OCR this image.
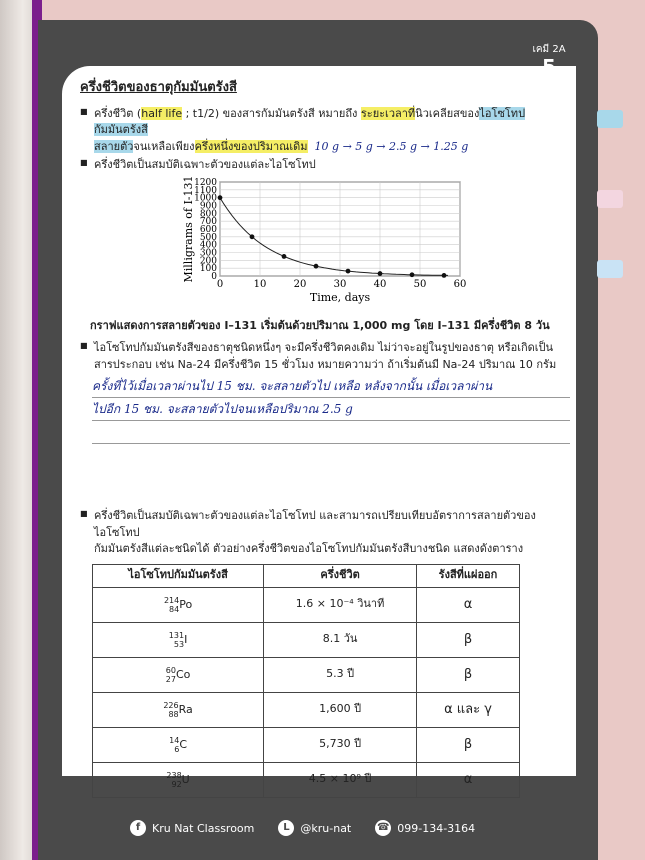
เคมี 2A
5
ครึ่งชีวิตของธาตุกัมมันตรังสี
■ ครึ่งชีวิต (half life ; t1/2) ของสารกัมมันตรังสี หมายถึง ระยะเวลาที่นิวเคลียสของไอโซโทปกัมมันตรังสี
สลายตัวจนเหลือเพียงครึ่งหนึ่งของปริมาณเดิม 10 g → 5 g → 2.5 g → 1.25 g
■ ครึ่งชีวิตเป็นสมบัติเฉพาะตัวของแต่ละไอโซโทป
0	10	20	30	40	50	60
0
100
200
300
400
500
600
700
800
900
1000
1100
1200
Time, days
Milligrams of I-131
กราฟแสดงการสลายตัวของ I–131 เริ่มต้นด้วยปริมาณ 1,000 mg โดย I–131 มีครึ่งชีวิต 8 วัน
■ ไอโซโทปกัมมันตรังสีของธาตุชนิดหนึ่งๆ จะมีครึ่งชีวิตคงเดิม ไม่ว่าจะอยู่ในรูปของธาตุ หรือเกิดเป็น
สารประกอบ เช่น Na-24 มีครึ่งชีวิต 15 ชั่วโมง หมายความว่า ถ้าเริ่มต้นมี Na-24 ปริมาณ 10 กรัม
ครั้งที่ไว้เมื่อเวลาผ่านไป 15 ชม. จะสลายตัวไป เหลือ หลังจากนั้น เมื่อเวลาผ่าน
ไปอีก 15 ชม. จะสลายตัวไปจนเหลือปริมาณ 2.5 g
■ ครึ่งชีวิตเป็นสมบัติเฉพาะตัวของแต่ละไอโซโทป และสามารถเปรียบเทียบอัตราการสลายตัวของไอโซโทป
กัมมันตรังสีแต่ละชนิดได้ ตัวอย่างครึ่งชีวิตของไอโซโทปกัมมันตรังสีบางชนิด แสดงดังตาราง
ไอโซโทปกัมมันตรังสี	ครึ่งชีวิต	รังสีที่แผ่ออก

214
84 Po	1.6 × 10⁻⁴ วินาที	α

131
53 I	8.1 วัน	β

60
27 Co	5.3 ปี	β

226
88 Ra	1,600 ปี	α และ γ

14
6 C	5,730 ปี	β

238
92 U	4.5 × 10⁹ ปี	α
f	Kru Nat Classroom	L @kru-nat	☎ 099-134-3164
